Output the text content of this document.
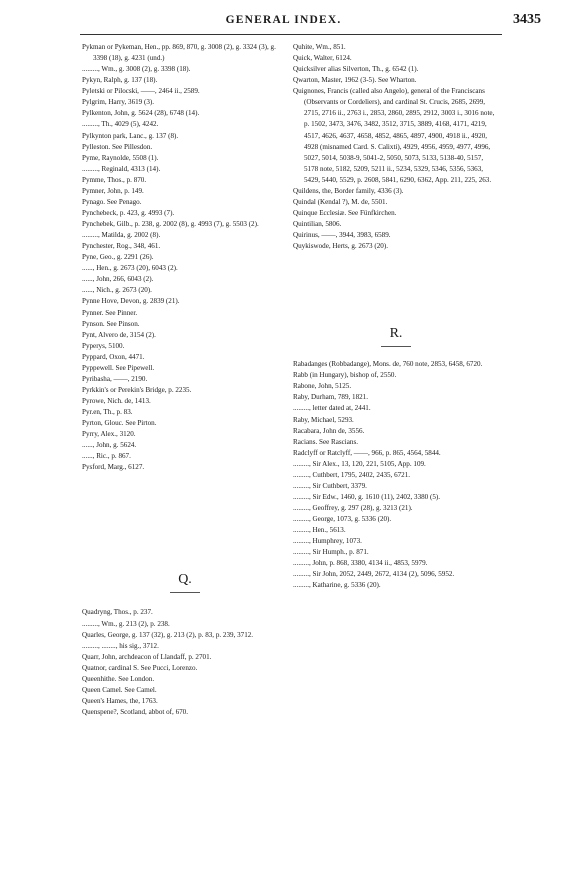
GENERAL INDEX.	3435
Pykman or Pykeman, Hen., pp. 869, 870, g. 3008 (2), g. 3324 (3), g. 3398 (18), g. 4231 (und.)
........., Wm., g. 3008 (2), g. 3398 (18).
Pykyn, Ralph, g. 137 (18).
Pyletski or Pilocski, ——, 2464 ii., 2589.
Pylgrim, Harry, 3619 (3).
Pylkenton, John, g. 5624 (28), 6748 (14).
........., Th., 4029 (5), 4242.
Pylkynton park, Lanc., g. 137 (8).
Pylleston. See Pillesdon.
Pyme, Raynolde, 5508 (1).
........., Reginald, 4313 (14).
Pymme, Thos., p. 870.
Pymner, John, p. 149.
Pynago. See Penago.
Pynchebeck, p. 423, g. 4993 (7).
Pynchebek, Gilb., p. 238, g. 2002 (8), g. 4993 (7), g. 5503 (2).
........., Matilda, g. 2002 (8).
Pynchester, Rog., 348, 461.
Pyne, Geo., g. 2291 (26).
......, Hen., g. 2673 (20), 6043 (2).
......, John, 266, 6043 (2).
......, Nich., g. 2673 (20).
Pynne Hove, Devon, g. 2839 (21).
Pynner. See Pinner.
Pynson. See Pinson.
Pynt, Alvero de, 3154 (2).
Pyperys, 5100.
Pyppard, Oxon, 4471.
Pyppewell. See Pipewell.
Pyribasha, ——, 2190.
Pyrkkin's or Perekin's Bridge, p. 2235.
Pyrowe, Nich. de, 1413.
Pyr.en, Th., p. 83.
Pyrton, Glouc. See Pirton.
Pyrry, Alex., 3120.
......, John, g. 5624.
......, Ric., p. 867.
Pysford, Marg., 6127.
Q.
Quadryng, Thos., p. 237.
........., Wm., g. 213 (2), p. 238.
Quarles, George, g. 137 (32), g. 213 (2), p. 83, p. 239, 3712.
........., ........, his sig., 3712.
Quarr, John, archdeacon of Llandaff, p. 2701.
Quatnor, cardinal S. See Pucci, Lorenzo.
Queenhithe. See London.
Queen Camel. See Camel.
Queen's Hames, the, 1763.
Quenspene?, Scotland, abbot of, 670.
Quhite, Wm., 851.
Quick, Walter, 6124.
Quicksilver alias Silverton, Th., g. 6542 (1).
Qwarton, Master, 1962 (3-5). See Wharton.
Quignones, Francis (called also Angelo), general of the Franciscans (Observants or Cordeliers), and cardinal St. Crucis, 2685, 2699, 2715, 2716 ii., 2763 i., 2853, 2860, 2895, 2912, 3003 i., 3016 note, p. 1502, 3473, 3476, 3482, 3512, 3715, 3889, 4168, 4171, 4219, 4517, 4626, 4637, 4658, 4852, 4865, 4897, 4900, 4918 ii., 4920, 4928 (misnamed Card. S. Calixti), 4929, 4956, 4959, 4977, 4996, 5027, 5014, 5038-9, 5041-2, 5050, 5073, 5133, 5138-40, 5157, 5178 note, 5182, 5209, 5211 ii., 5234, 5329, 5346, 5356, 5363, 5429, 5440, 5529, p. 2608, 5841, 6290, 6362, App. 211, 225, 263.
Quildens, the, Border family, 4336 (3).
Quindal (Kendal ?), M. de, 5501.
Quinque Ecclesiæ. See Fünfkirchen.
Quintilian, 5806.
Quirinus, ——, 3944, 3983, 6589.
Quykiswode, Herts, g. 2673 (20).
R.
Rabadanges (Robbadange), Mons. de, 760 note, 2853, 6458, 6720.
Rabb (in Hungary), bishop of, 2550.
Rabone, John, 5125.
Raby, Durham, 789, 1821.
........., letter dated at, 2441.
Raby, Michael, 5293.
Racabara, John de, 3556.
Racians. See Rascians.
Radclyff or Ratclyff, ——, 966, p. 865, 4564, 5844.
........., Sir Alex., 13, 120, 221, 5105, App. 109.
........., Cuthbert, 1795, 2402, 2435, 6721.
........., Sir Cuthbert, 3379.
........., Sir Edw., 1460, g. 1610 (11), 2402, 3380 (5).
........., Geoffrey, g. 297 (28), g. 3213 (21).
........., George, 1073, g. 5336 (20).
........., Hen., 5613.
........., Humphrey, 1073.
........., Sir Humph., p. 871.
........., John, p. 868, 3380, 4134 ii., 4853, 5979.
........., Sir John, 2052, 2449, 2672, 4134 (2), 5096, 5952.
........., Katharine, g. 5336 (20).
